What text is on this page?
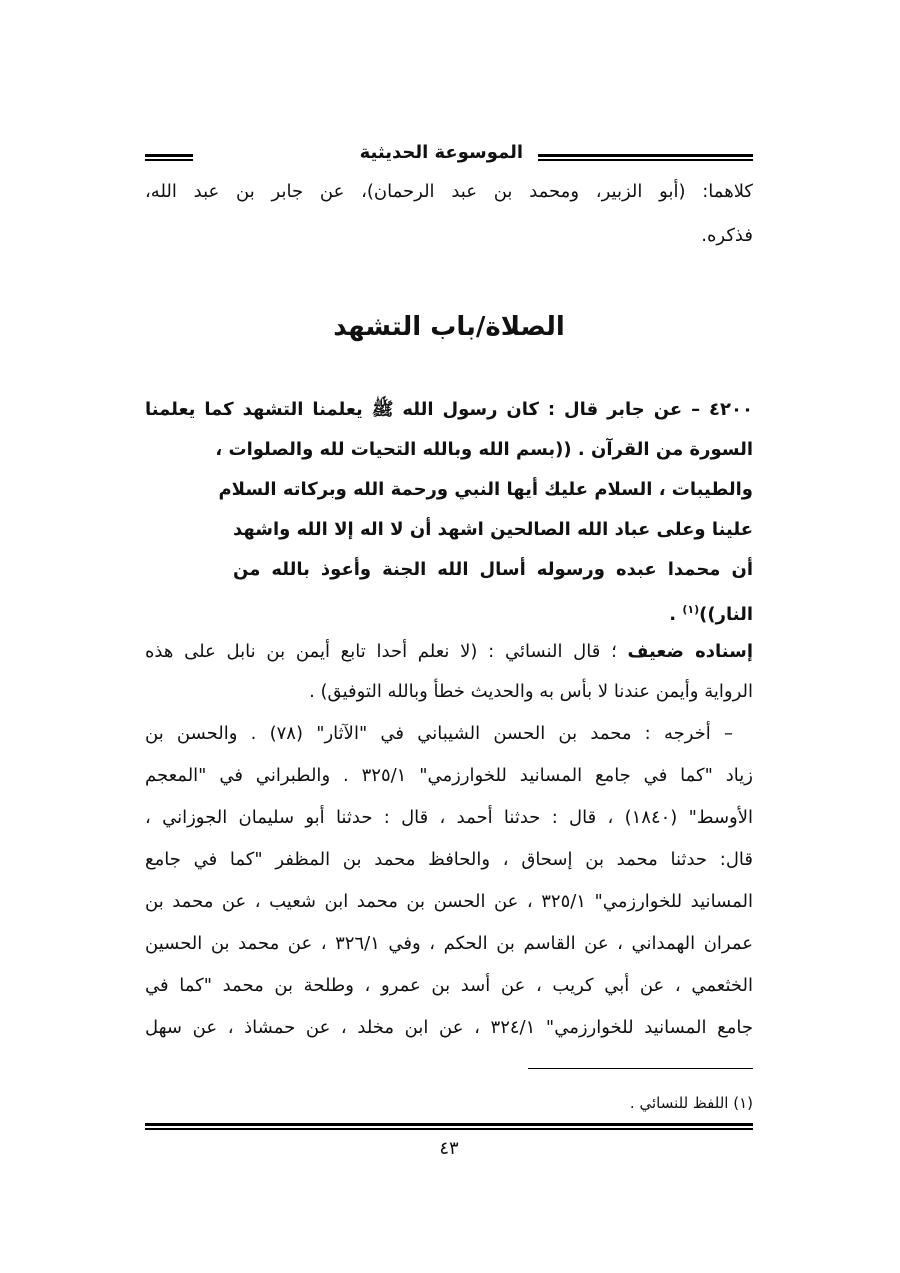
الموسوعة الحديثية
كلاهما: (أبو الزبير، ومحمد بن عبد الرحمان)، عن جابر بن عبد الله،
فذكره.
الصلاة/باب التشهد
٤٢٠٠ – عن جابر قال : كان رسول الله ﷺ يعلمنا التشهد كما يعلمنا
السورة من القرآن . ((بسم الله وبالله التحيات لله والصلوات ،
والطيبات ، السلام عليك أيها النبي ورحمة الله وبركاته السلام
علينا وعلى عباد الله الصالحين اشهد أن لا اله إلا الله واشهد
أن محمدا عبده ورسوله أسال الله الجنة وأعوذ بالله من
النار))$^{(١)}$ .
إسناده ضعيف ؛ قال النسائي : (لا نعلم أحدا تابع أيمن بن نابل على هذه
الرواية وأيمن عندنا لا بأس به والحديث خطأ وبالله التوفيق) .
– أخرجه : محمد بن الحسن الشيباني في "الآثار" (٧٨) . والحسن بن
زياد "كما في جامع المسانيد للخوارزمي" ٣٢٥/١ . والطبراني في "المعجم
الأوسط" (١٨٤٠) ، قال : حدثنا أحمد ، قال : حدثنا أبو سليمان الجوزاني ،
قال: حدثنا محمد بن إسحاق ، والحافظ محمد بن المظفر "كما في جامع
المسانيد للخوارزمي" ٣٢٥/١ ، عن الحسن بن محمد ابن شعيب ، عن محمد بن
عمران الهمداني ، عن القاسم بن الحكم ، وفي ٣٢٦/١ ، عن محمد بن الحسين
الخثعمي ، عن أبي كريب ، عن أسد بن عمرو ، وطلحة بن محمد "كما في
جامع المسانيد للخوارزمي" ٣٢٤/١ ، عن ابن مخلد ، عن حمشاذ ، عن سهل
(١) اللفظ للنسائي .
٤٣
